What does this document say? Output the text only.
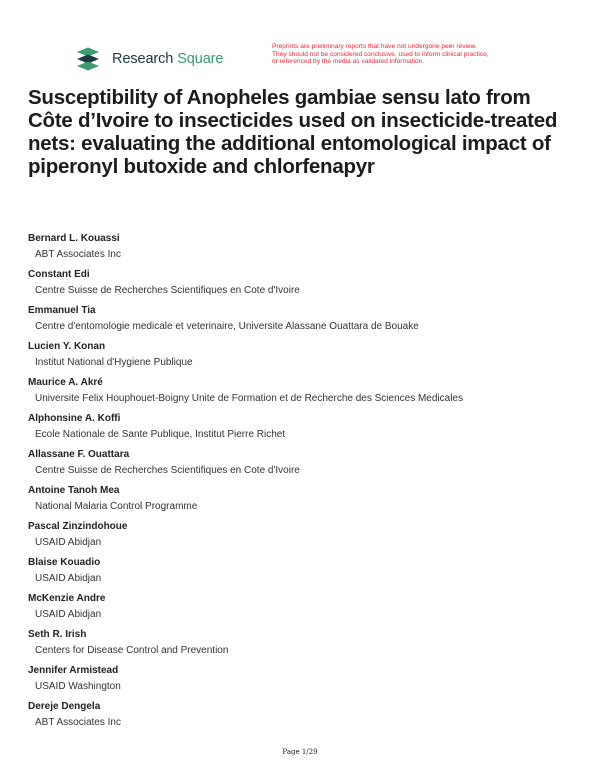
Research Square
Preprints are preliminary reports that have not undergone peer review.
They should not be considered conclusive, used to inform clinical practice,
or referenced by the media as validated information.
Susceptibility of Anopheles gambiae sensu lato from Côte d’Ivoire to insecticides used on insecticide-treated nets: evaluating the additional entomological impact of piperonyl butoxide and chlorfenapyr
Bernard L. Kouassi
ABT Associates Inc
Constant Edi
Centre Suisse de Recherches Scientifiques en Cote d'Ivoire
Emmanuel Tia
Centre d'entomologie medicale et veterinaire, Universite Alassane Ouattara de Bouake
Lucien Y. Konan
Institut National d'Hygiene Publique
Maurice A. Akré
Universite Felix Houphouet-Boigny Unite de Formation et de Recherche des Sciences Medicales
Alphonsine A. Koffi
Ecole Nationale de Sante Publique, Institut Pierre Richet
Allassane F. Ouattara
Centre Suisse de Recherches Scientifiques en Cote d'Ivoire
Antoine Tanoh Mea
National Malaria Control Programme
Pascal Zinzindohoue
USAID Abidjan
Blaise Kouadio
USAID Abidjan
McKenzie Andre
USAID Abidjan
Seth R. Irish
Centers for Disease Control and Prevention
Jennifer Armistead
USAID Washington
Dereje Dengela
ABT Associates Inc
Page 1/29
